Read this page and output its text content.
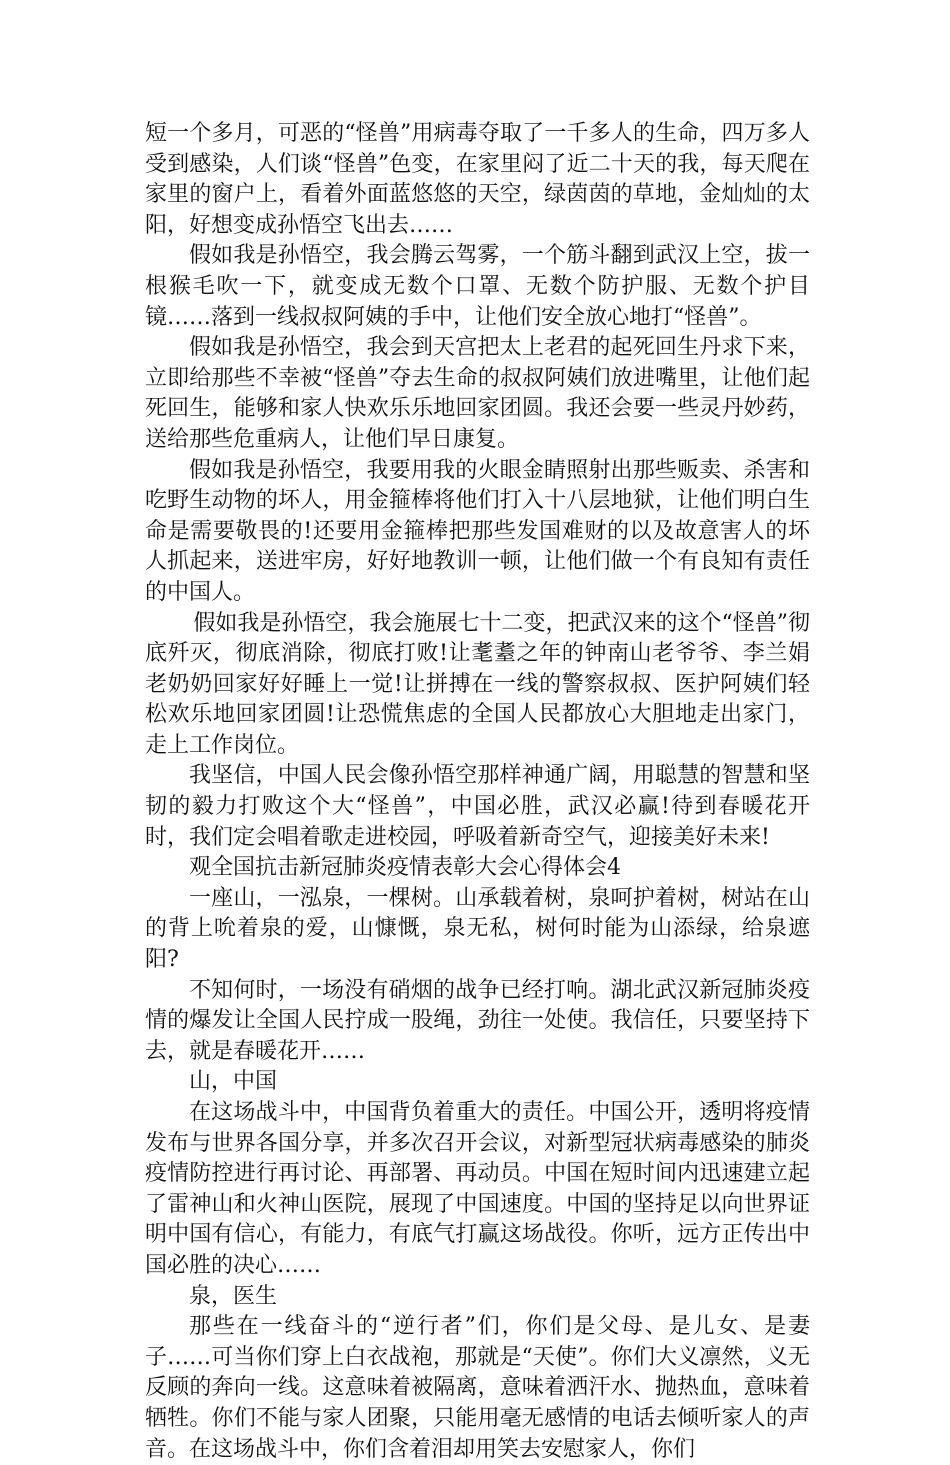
短一个多月，可恶的“怪兽”用病毒夺取了一千多人的生命，四万多人受到感染，人们谈“怪兽”色变，在家里闷了近二十天的我，每天爬在家里的窗户上，看着外面蓝悠悠的天空，绿茵茵的草地，金灿灿的太阳，好想变成孙悟空飞出去……

假如我是孙悟空，我会腾云驾雾，一个筋斗翻到武汉上空，拔一根猴毛吹一下，就变成无数个口罩、无数个防护服、无数个护目镜……落到一线叔叔阿姨的手中，让他们安全放心地打“怪兽”。

假如我是孙悟空，我会到天宫把太上老君的起死回生丹求下来，立即给那些不幸被“怪兽”夺去生命的叔叔阿姨们放进嘴里，让他们起死回生，能够和家人快欢乐乐地回家团圆。我还会要一些灵丹妙药，送给那些危重病人，让他们早日康复。

假如我是孙悟空，我要用我的火眼金睛照射出那些贩卖、杀害和吃野生动物的坏人，用金箍棒将他们打入十八层地狱，让他们明白生命是需要敬畏的!还要用金箍棒把那些发国难财的以及故意害人的坏人抓起来，送进牢房，好好地教训一顿，让他们做一个有良知有责任的中国人。

假如我是孙悟空，我会施展七十二变，把武汉来的这个“怪兽”彻底歼灭，彻底消除，彻底打败!让耄耋之年的钟南山老爷爷、李兰娟老奶奶回家好好睡上一觉!让拼搏在一线的警察叔叔、医护阿姨们轻松欢乐地回家团圆!让恐慌焦虑的全国人民都放心大胆地走出家门，走上工作岗位。

我坚信，中国人民会像孙悟空那样神通广阔，用聪慧的智慧和坚韧的毅力打败这个大“怪兽”，中国必胜，武汉必赢!待到春暖花开时，我们定会唱着歌走进校园，呼吸着新奇空气，迎接美好未来!

观全国抗击新冠肺炎疫情表彰大会心得体会4

一座山，一泓泉，一棵树。山承载着树，泉呵护着树，树站在山的背上吮着泉的爱，山慷慨，泉无私，树何时能为山添绿，给泉遮阳?

不知何时，一场没有硝烟的战争已经打响。湖北武汉新冠肺炎疫情的爆发让全国人民拧成一股绳，劲往一处使。我信任，只要坚持下去，就是春暖花开……

山，中国

在这场战斗中，中国背负着重大的责任。中国公开，透明将疫情发布与世界各国分享，并多次召开会议，对新型冠状病毒感染的肺炎疫情防控进行再讨论、再部署、再动员。中国在短时间内迅速建立起了雷神山和火神山医院，展现了中国速度。中国的坚持足以向世界证明中国有信心，有能力，有底气打赢这场战役。你听，远方正传出中国必胜的决心……

泉，医生

那些在一线奋斗的“逆行者”们，你们是父母、是儿女、是妻子……可当你们穿上白衣战袍，那就是“天使”。你们大义凛然，义无反顾的奔向一线。这意味着被隔离，意味着洒汗水、抛热血，意味着牺牲。你们不能与家人团聚，只能用毫无感情的电话去倾听家人的声音。在这场战斗中，你们含着泪却用笑去安慰家人，你们
